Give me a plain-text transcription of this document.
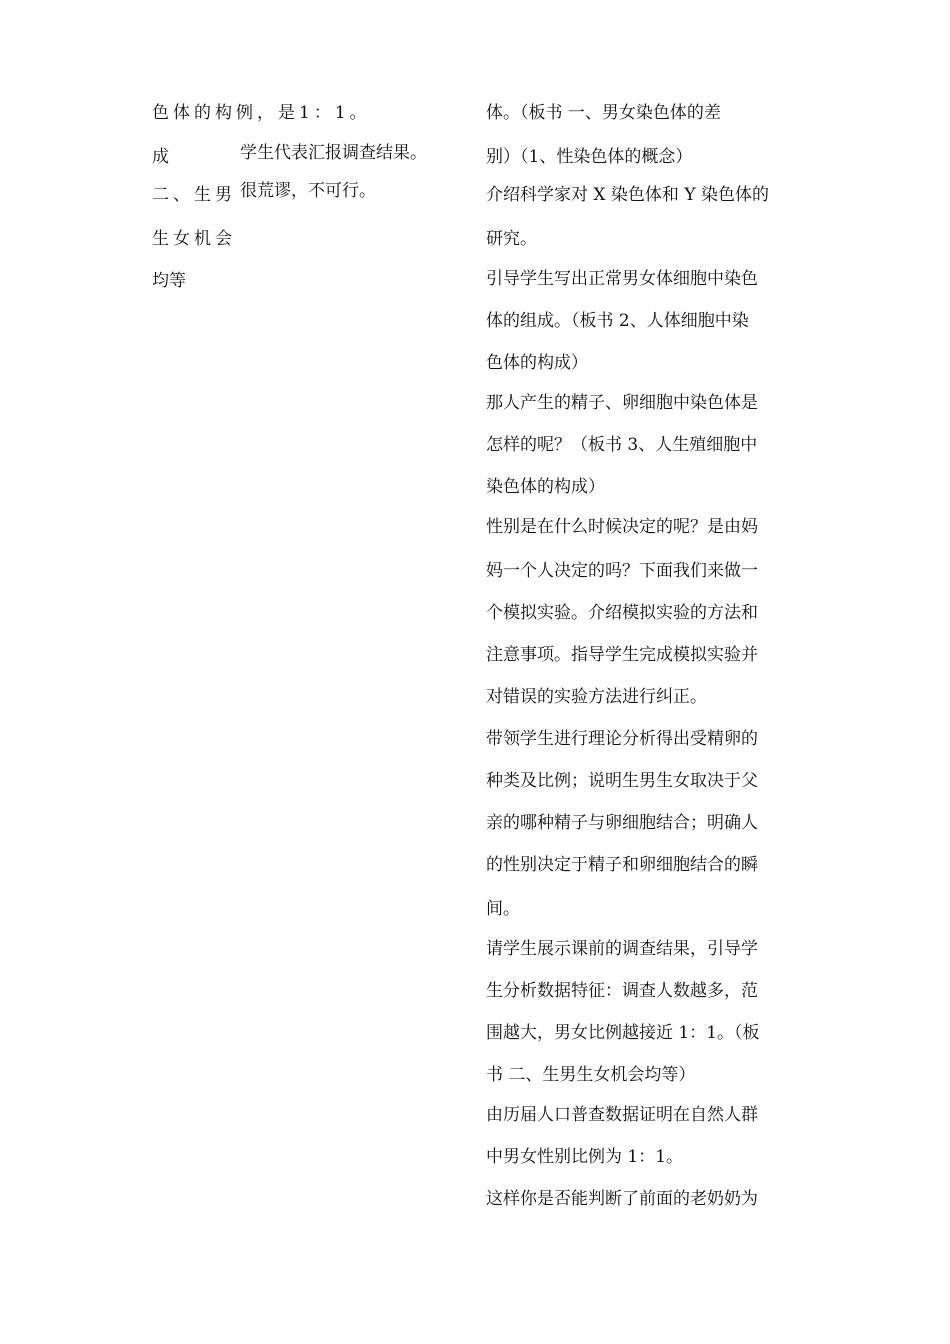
色体的构例，是1：1。
成	学生代表汇报调查结果。
二、生男 很荒谬，不可行。
生女机会
均等
体。（板书 一、男女染色体的差
别）（1、性染色体的概念）
介绍科学家对 X 染色体和 Y 染色体的
研究。
引导学生写出正常男女体细胞中染色
体的组成。（板书 2、人体细胞中染
色体的构成）
那人产生的精子、卵细胞中染色体是
怎样的呢？（板书 3、人生殖细胞中
染色体的构成）
性别是在什么时候决定的呢？是由妈
妈一个人决定的吗？下面我们来做一
个模拟实验。介绍模拟实验的方法和
注意事项。指导学生完成模拟实验并
对错误的实验方法进行纠正。
带领学生进行理论分析得出受精卵的
种类及比例；说明生男生女取决于父
亲的哪种精子与卵细胞结合；明确人
的性别决定于精子和卵细胞结合的瞬
间。
请学生展示课前的调查结果，引导学
生分析数据特征：调查人数越多，范
围越大，男女比例越接近 1：1。（板
书 二、生男生女机会均等）
由历届人口普查数据证明在自然人群
中男女性别比例为 1：1。
这样你是否能判断了前面的老奶奶为
